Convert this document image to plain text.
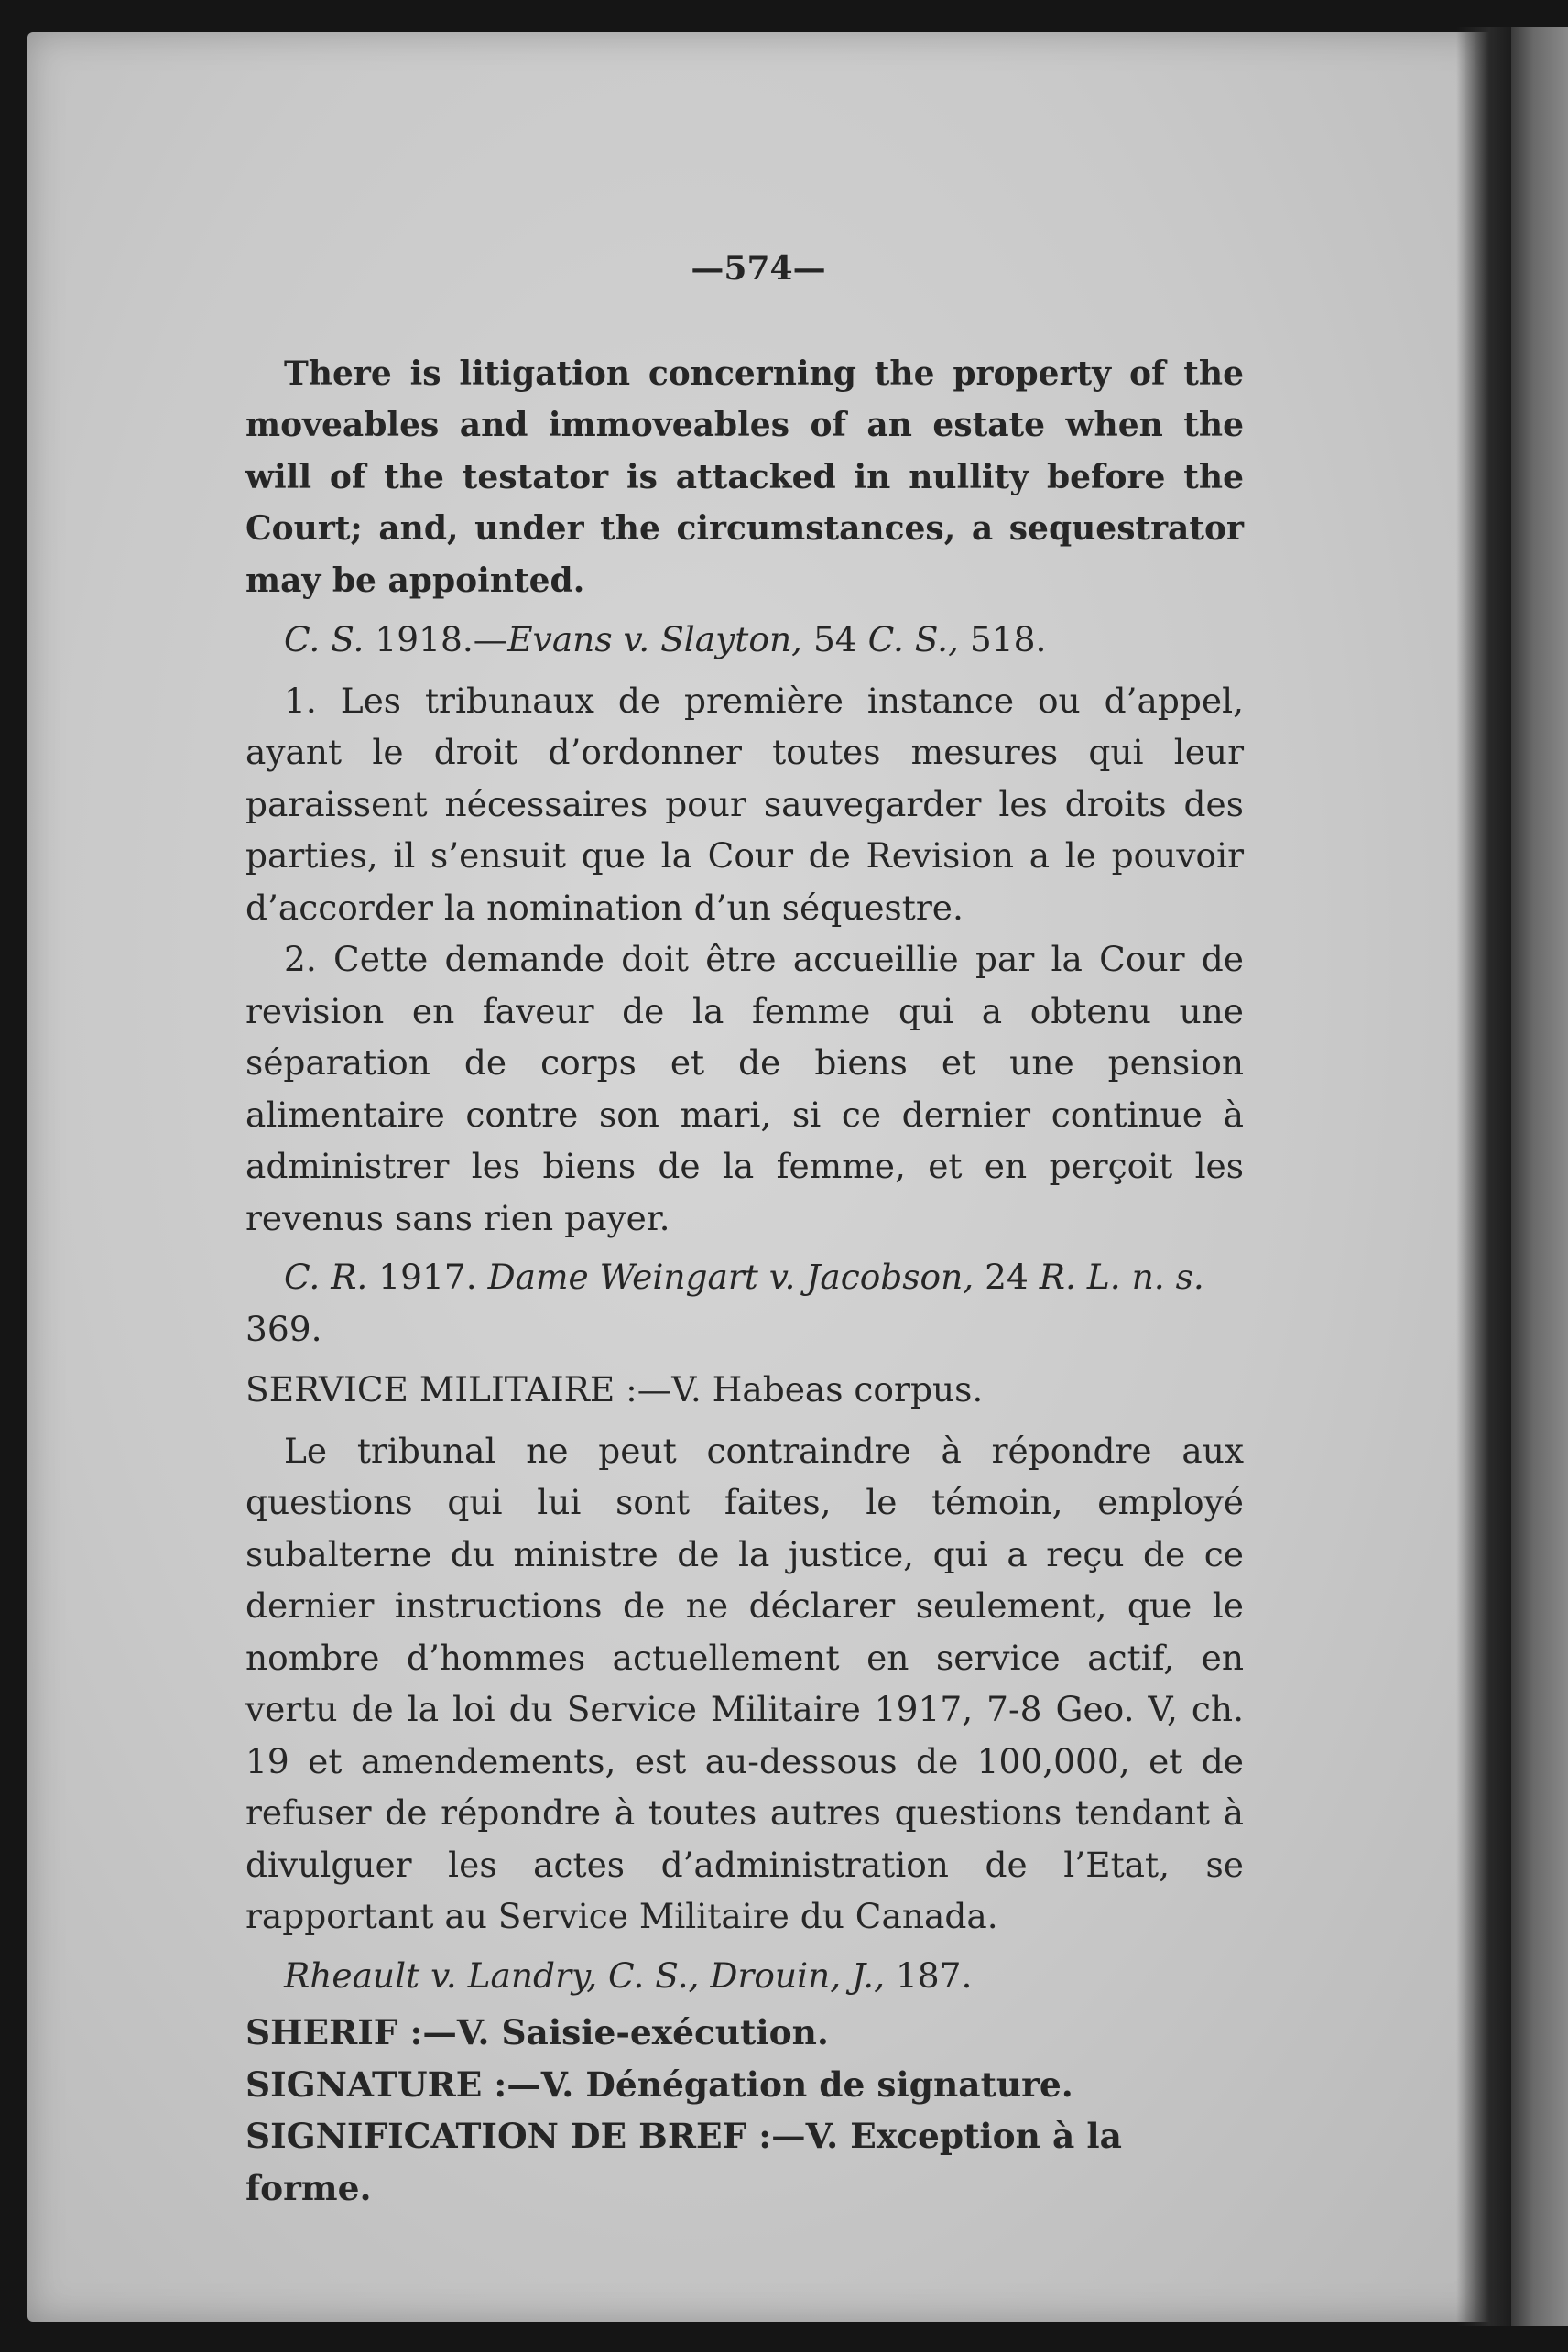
—574—

There is litigation concerning the property of the moveables and immoveables of an estate when the will of the testator is attacked in nullity before the Court; and, under the circumstances, a sequestrator may be appointed.

C. S. 1918.—Evans v. Slayton, 54 C. S., 518.

1. Les tribunaux de première instance ou d’appel, ayant le droit d’ordonner toutes mesures qui leur paraissent nécessaires pour sauvegarder les droits des parties, il s’ensuit que la Cour de Revision a le pouvoir d’accorder la nomination d’un séquestre.

2. Cette demande doit être accueillie par la Cour de revision en faveur de la femme qui a obtenu une séparation de corps et de biens et une pension alimentaire contre son mari, si ce dernier continue à administrer les biens de la femme, et en perçoit les revenus sans rien payer.

C. R. 1917. Dame Weingart v. Jacobson, 24 R. L. n. s.
369.

SERVICE MILITAIRE :—V. Habeas corpus.

Le tribunal ne peut contraindre à répondre aux questions qui lui sont faites, le témoin, employé subalterne du ministre de la justice, qui a reçu de ce dernier instructions de ne déclarer seulement, que le nombre d’hommes actuellement en service actif, en vertu de la loi du Service Militaire 1917, 7-8 Geo. V, ch. 19 et amendements, est au-dessous de 100,000, et de refuser de répondre à toutes autres questions tendant à divulguer les actes d’administration de l’Etat, se rapportant au Service Militaire du Canada.

Rheault v. Landry, C. S., Drouin, J., 187.

SHERIF :—V. Saisie-exécution.

SIGNATURE :—V. Dénégation de signature.

SIGNIFICATION DE BREF :—V. Exception à la forme.
